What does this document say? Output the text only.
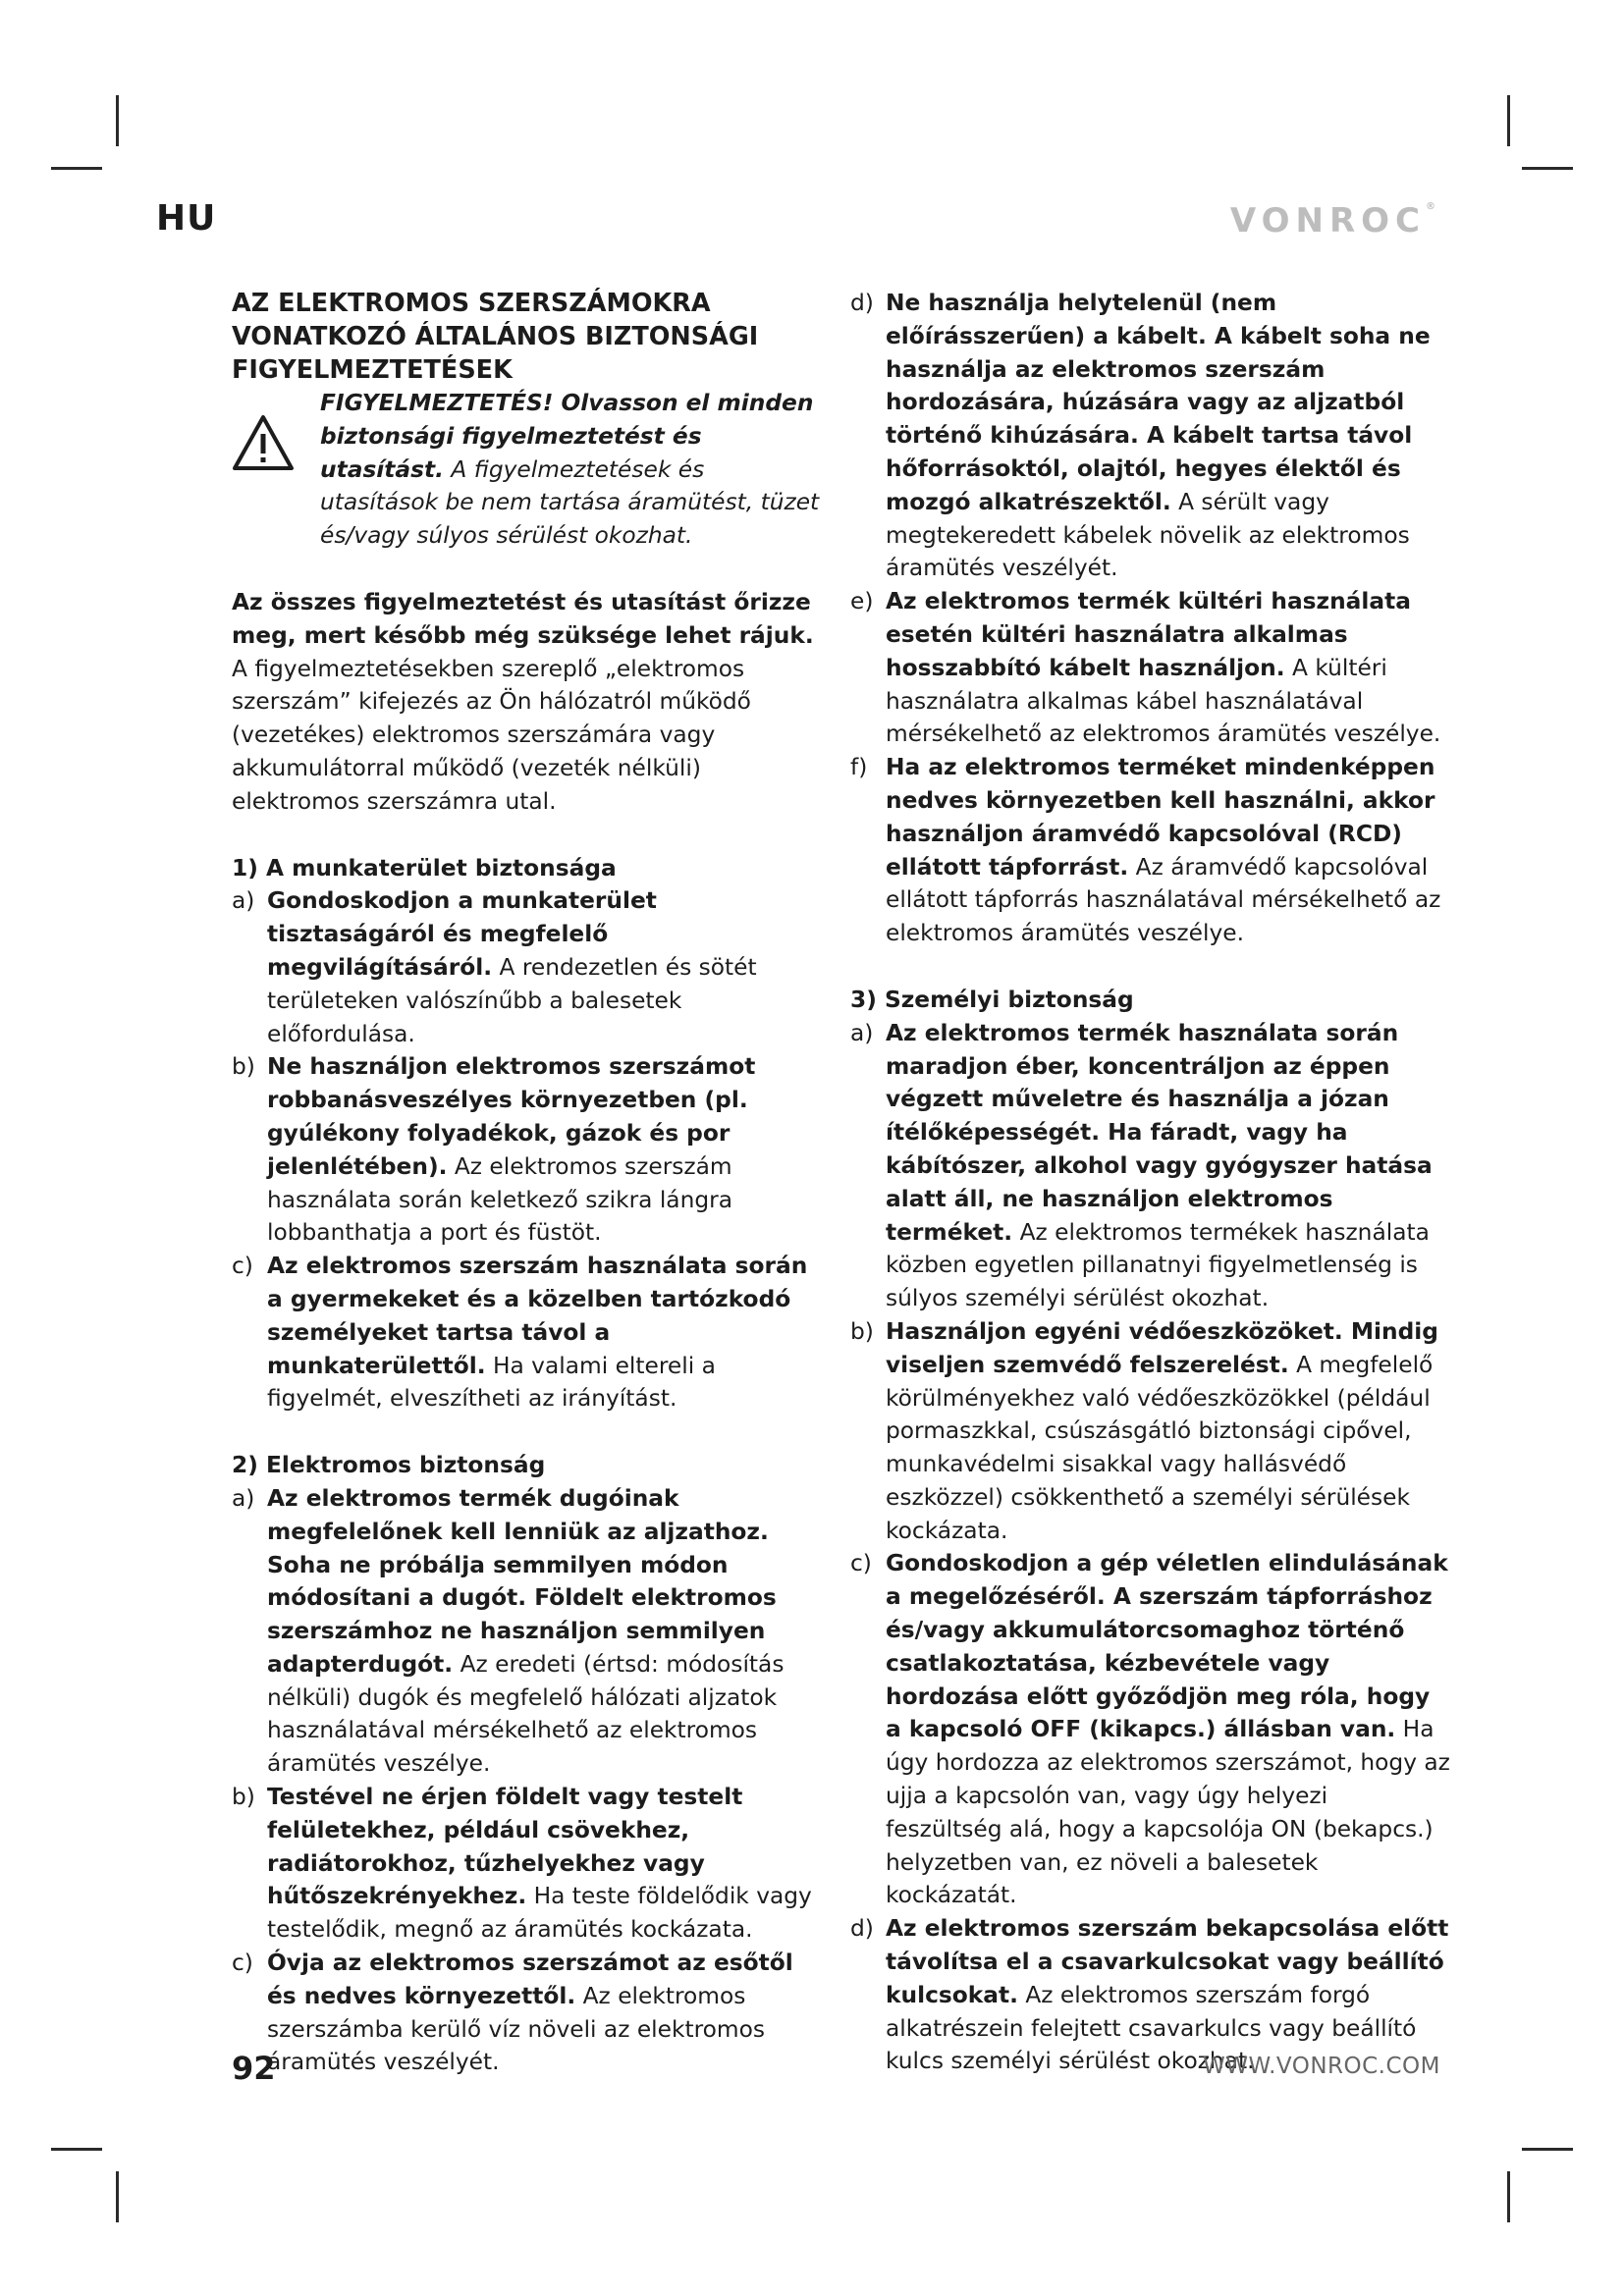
HU	VONROC®

AZ ELEKTROMOS SZERSZÁMOKRA
VONATKOZÓ ÁLTALÁNOS BIZTONSÁGI
FIGYELMEZTETÉSEK

FIGYELMEZTETÉS! Olvasson el minden biztonsági figyelmeztetést és utasítást. A figyelmeztetések és utasítások be nem tartása áramütést, tüzet és/vagy súlyos sérülést okozhat.

Az összes figyelmeztetést és utasítást őrizze meg, mert később még szüksége lehet rájuk.
A figyelmeztetésekben szereplő „elektromos szerszám” kifejezés az Ön hálózatról működő (vezetékes) elektromos szerszámára vagy akkumulátorral működő (vezeték nélküli) elektromos szerszámra utal.

1) A munkaterület biztonsága

a) Gondoskodjon a munkaterület tisztaságáról és megfelelő megvilágításáról. A rendezetlen és sötét területeken valószínűbb a balesetek előfordulása.
b) Ne használjon elektromos szerszámot robbanásveszélyes környezetben (pl. gyúlékony folyadékok, gázok és por jelenlétében). Az elektromos szerszám használata során keletkező szikra lángra lobbanthatja a port és füstöt.
c) Az elektromos szerszám használata során a gyermekeket és a közelben tartózkodó személyeket tartsa távol a munkaterülettől. Ha valami eltereli a figyelmét, elveszítheti az irányítást.

2) Elektromos biztonság

a) Az elektromos termék dugóinak megfelelőnek kell lenniük az aljzathoz. Soha ne próbálja semmilyen módon módosítani a dugót. Földelt elektromos szerszámhoz ne használjon semmilyen adapterdugót. Az eredeti (értsd: módosítás nélküli) dugók és megfelelő hálózati aljzatok használatával mérsékelhető az elektromos áramütés veszélye.
b) Testével ne érjen földelt vagy testelt felületekhez, például csövekhez, radiátorokhoz, tűzhelyekhez vagy hűtőszekrényekhez. Ha teste földelődik vagy testelődik, megnő az áramütés kockázata.
c) Óvja az elektromos szerszámot az esőtől és nedves környezettől. Az elektromos szerszámba kerülő víz növeli az elektromos áramütés veszélyét.
d) Ne használja helytelenül (nem előírásszerűen) a kábelt. A kábelt soha ne használja az elektromos szerszám hordozására, húzására vagy az aljzatból történő kihúzására. A kábelt tartsa távol hőforrásoktól, olajtól, hegyes élektől és mozgó alkatrészektől. A sérült vagy megtekeredett kábelek növelik az elektromos áramütés veszélyét.
e) Az elektromos termék kültéri használata esetén kültéri használatra alkalmas hosszabbító kábelt használjon. A kültéri használatra alkalmas kábel használatával mérsékelhető az elektromos áramütés veszélye.
f) Ha az elektromos terméket mindenképpen nedves környezetben kell használni, akkor használjon áramvédő kapcsolóval (RCD) ellátott tápforrást. Az áramvédő kapcsolóval ellátott tápforrás használatával mérsékelhető az elektromos áramütés veszélye.

3) Személyi biztonság

a) Az elektromos termék használata során maradjon éber, koncentráljon az éppen végzett műveletre és használja a józan ítélőképességét. Ha fáradt, vagy ha kábítószer, alkohol vagy gyógyszer hatása alatt áll, ne használjon elektromos terméket. Az elektromos termékek használata közben egyetlen pillanatnyi figyelmetlenség is súlyos személyi sérülést okozhat.
b) Használjon egyéni védőeszközöket. Mindig viseljen szemvédő felszerelést. A megfelelő körülményekhez való védőeszközökkel (például pormaszkkal, csúszásgátló biztonsági cipővel, munkavédelmi sisakkal vagy hallásvédő eszközzel) csökkenthető a személyi sérülések kockázata.
c) Gondoskodjon a gép véletlen elindulásának a megelőzéséről. A szerszám tápforráshoz és/vagy akkumulátorcsomaghoz történő csatlakoztatása, kézbevétele vagy hordozása előtt győződjön meg róla, hogy a kapcsoló OFF (kikapcs.) állásban van. Ha úgy hordozza az elektromos szerszámot, hogy az ujja a kapcsolón van, vagy úgy helyezi feszültség alá, hogy a kapcsolója ON (bekapcs.) helyzetben van, ez növeli a balesetek kockázatát.
d) Az elektromos szerszám bekapcsolása előtt távolítsa el a csavarkulcsokat vagy beállító kulcsokat. Az elektromos szerszám forgó alkatrészein felejtett csavarkulcs vagy beállító kulcs személyi sérülést okozhat.

92	WWW.VONROC.COM
